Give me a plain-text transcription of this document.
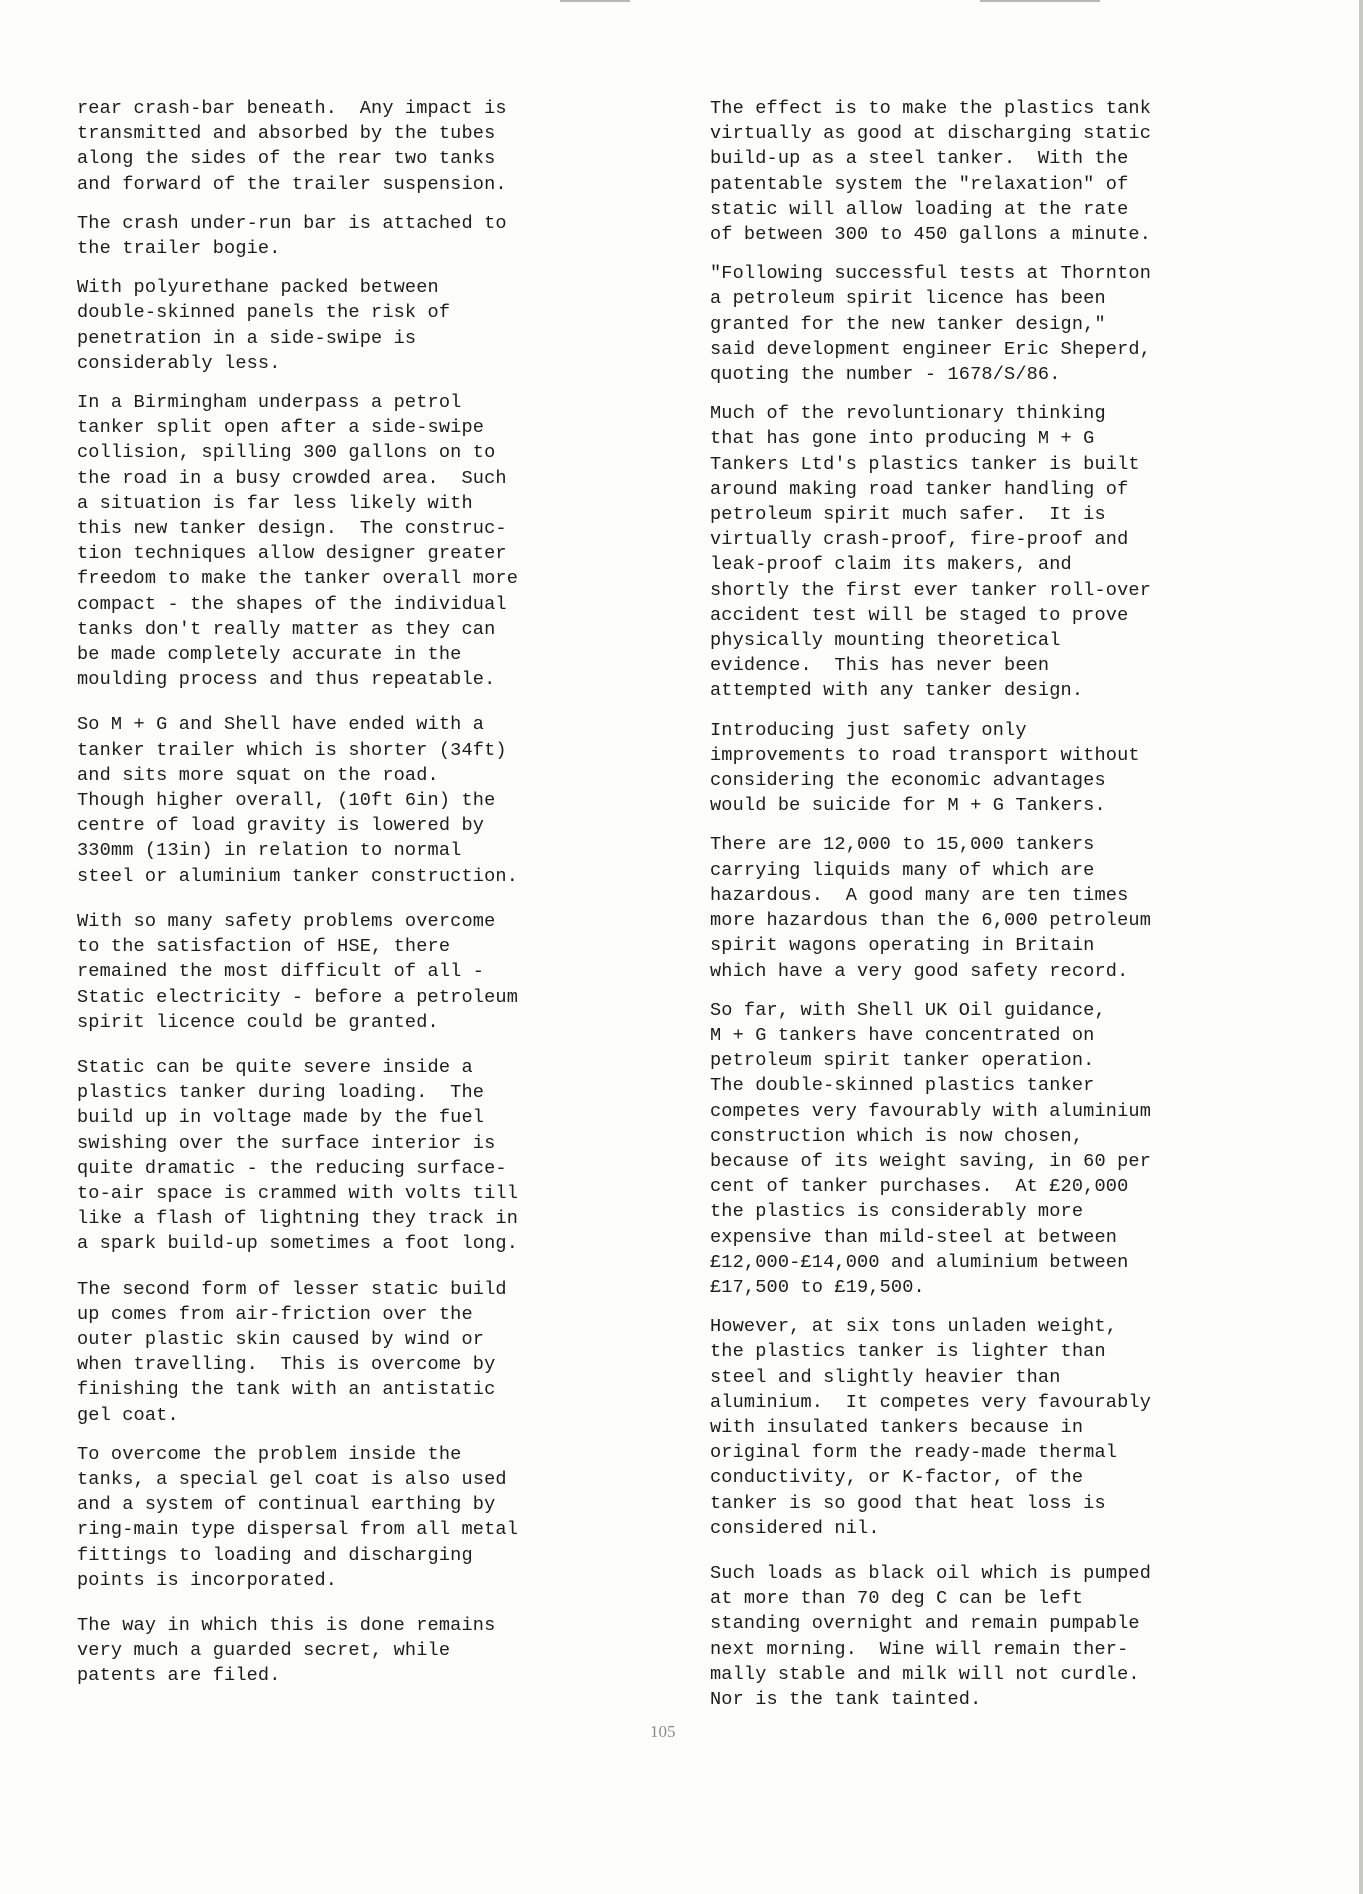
rear crash-bar beneath.  Any impact is
transmitted and absorbed by the tubes
along the sides of the rear two tanks
and forward of the trailer suspension.
The crash under-run bar is attached to
the trailer bogie.
With polyurethane packed between
double-skinned panels the risk of
penetration in a side-swipe is
considerably less.
In a Birmingham underpass a petrol
tanker split open after a side-swipe
collision, spilling 300 gallons on to
the road in a busy crowded area.  Such
a situation is far less likely with
this new tanker design.  The construc-
tion techniques allow designer greater
freedom to make the tanker overall more
compact - the shapes of the individual
tanks don't really matter as they can
be made completely accurate in the
moulding process and thus repeatable.
So M + G and Shell have ended with a
tanker trailer which is shorter (34ft)
and sits more squat on the road.
Though higher overall, (10ft 6in) the
centre of load gravity is lowered by
330mm (13in) in relation to normal
steel or aluminium tanker construction.
With so many safety problems overcome
to the satisfaction of HSE, there
remained the most difficult of all -
Static electricity - before a petroleum
spirit licence could be granted.
Static can be quite severe inside a
plastics tanker during loading.  The
build up in voltage made by the fuel
swishing over the surface interior is
quite dramatic - the reducing surface-
to-air space is crammed with volts till
like a flash of lightning they track in
a spark build-up sometimes a foot long.
The second form of lesser static build
up comes from air-friction over the
outer plastic skin caused by wind or
when travelling.  This is overcome by
finishing the tank with an antistatic
gel coat.
To overcome the problem inside the
tanks, a special gel coat is also used
and a system of continual earthing by
ring-main type dispersal from all metal
fittings to loading and discharging
points is incorporated.
The way in which this is done remains
very much a guarded secret, while
patents are filed.
The effect is to make the plastics tank
virtually as good at discharging static
build-up as a steel tanker.  With the
patentable system the "relaxation" of
static will allow loading at the rate
of between 300 to 450 gallons a minute.
"Following successful tests at Thornton
a petroleum spirit licence has been
granted for the new tanker design,"
said development engineer Eric Sheperd,
quoting the number - 1678/S/86.
Much of the revoluntionary thinking
that has gone into producing M + G
Tankers Ltd's plastics tanker is built
around making road tanker handling of
petroleum spirit much safer.  It is
virtually crash-proof, fire-proof and
leak-proof claim its makers, and
shortly the first ever tanker roll-over
accident test will be staged to prove
physically mounting theoretical
evidence.  This has never been
attempted with any tanker design.
Introducing just safety only
improvements to road transport without
considering the economic advantages
would be suicide for M + G Tankers.
There are 12,000 to 15,000 tankers
carrying liquids many of which are
hazardous.  A good many are ten times
more hazardous than the 6,000 petroleum
spirit wagons operating in Britain
which have a very good safety record.
So far, with Shell UK Oil guidance,
M + G tankers have concentrated on
petroleum spirit tanker operation.
The double-skinned plastics tanker
competes very favourably with aluminium
construction which is now chosen,
because of its weight saving, in 60 per
cent of tanker purchases.  At £20,000
the plastics is considerably more
expensive than mild-steel at between
£12,000-£14,000 and aluminium between
£17,500 to £19,500.
However, at six tons unladen weight,
the plastics tanker is lighter than
steel and slightly heavier than
aluminium.  It competes very favourably
with insulated tankers because in
original form the ready-made thermal
conductivity, or K-factor, of the
tanker is so good that heat loss is
considered nil.
Such loads as black oil which is pumped
at more than 70 deg C can be left
standing overnight and remain pumpable
next morning.  Wine will remain ther-
mally stable and milk will not curdle.
Nor is the tank tainted.
105
